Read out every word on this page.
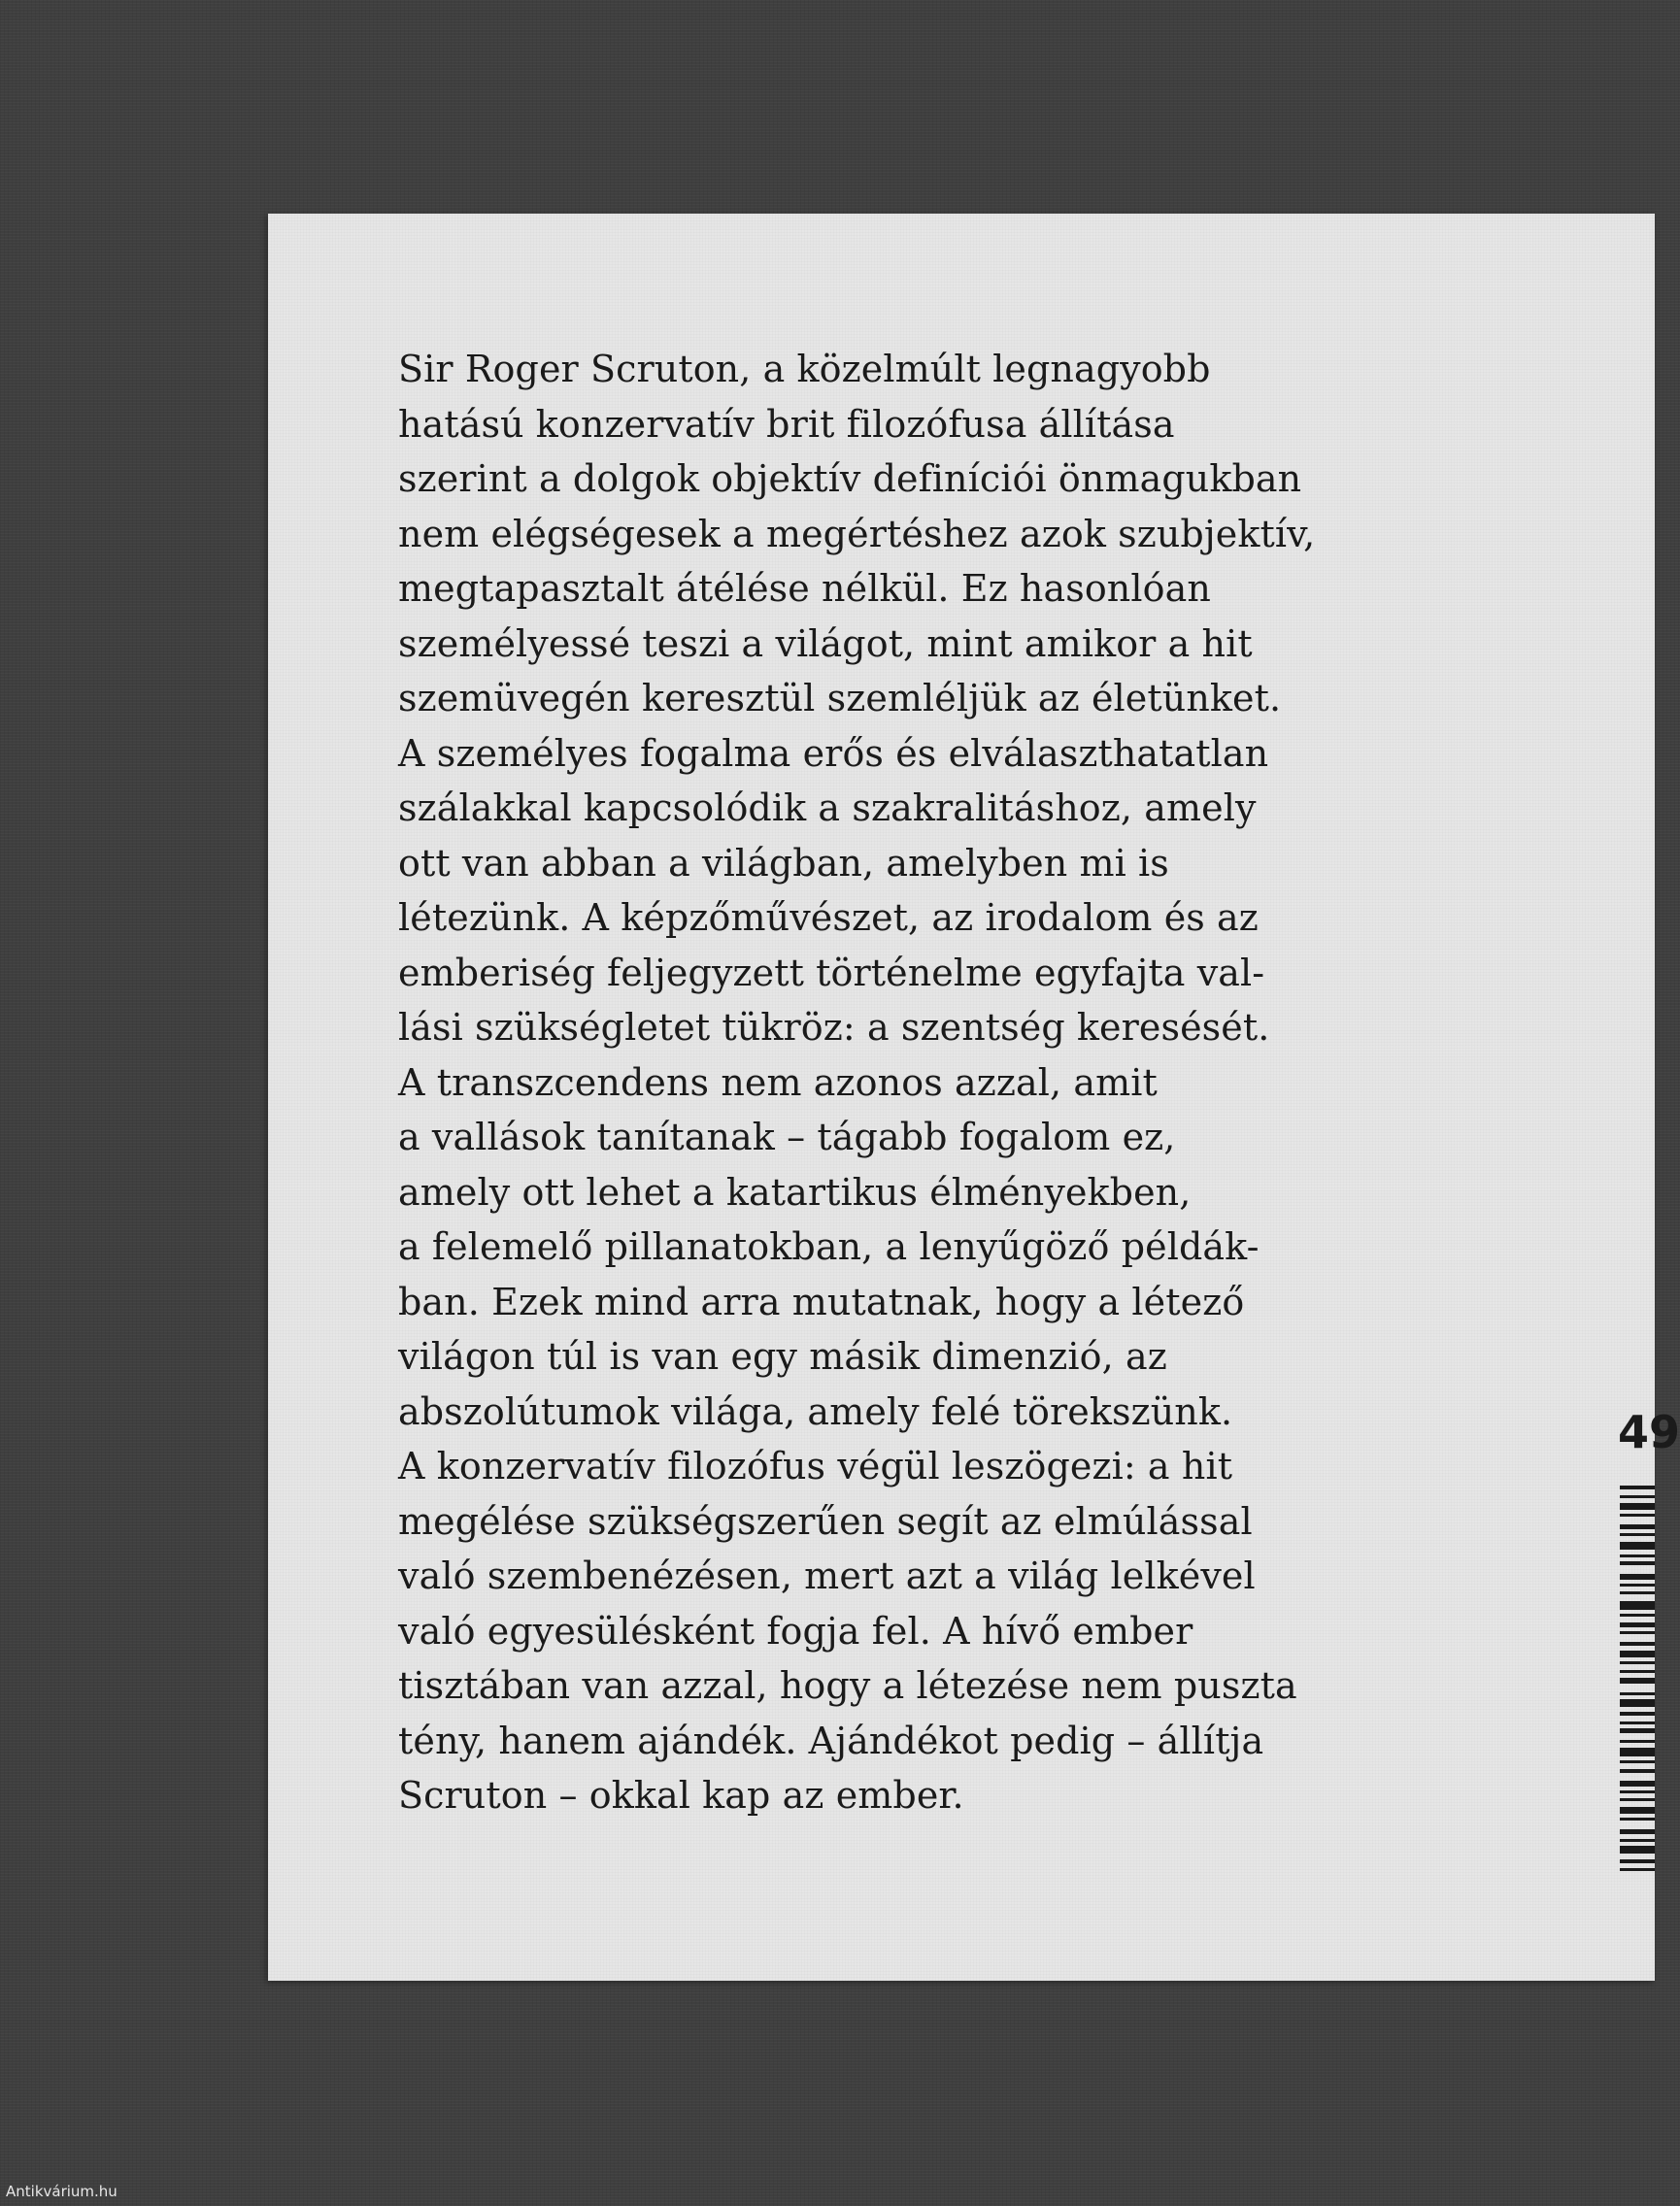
Sir Roger Scruton, a közelmúlt legnagyobb
hatású konzervatív brit filozófusa állítása
szerint a dolgok objektív definíciói önmagukban
nem elégségesek a megértéshez azok szubjektív,
megtapasztalt átélése nélkül. Ez hasonlóan
személyessé teszi a világot, mint amikor a hit
szemüvegén keresztül szemléljük az életünket.
A személyes fogalma erős és elválaszthatatlan
szálakkal kapcsolódik a szakralitáshoz, amely
ott van abban a világban, amelyben mi is
létezünk. A képzőművészet, az irodalom és az
emberiség feljegyzett történelme egyfajta val-
lási szükségletet tükröz: a szentség keresését.
A transzcendens nem azonos azzal, amit
a vallások tanítanak – tágabb fogalom ez,
amely ott lehet a katartikus élményekben,
a felemelő pillanatokban, a lenyűgöző példák-
ban. Ezek mind arra mutatnak, hogy a létező
világon túl is van egy másik dimenzió, az
abszolútumok világa, amely felé törekszünk.
A konzervatív filozófus végül leszögezi: a hit
megélése szükségszerűen segít az elmúlással
való szembenézésen, mert azt a világ lelkével
való egyesülésként fogja fel. A hívő ember
tisztában van azzal, hogy a létezése nem puszta
tény, hanem ajándék. Ajándékot pedig – állítja
Scruton – okkal kap az ember.
49
Antikvárium.hu
